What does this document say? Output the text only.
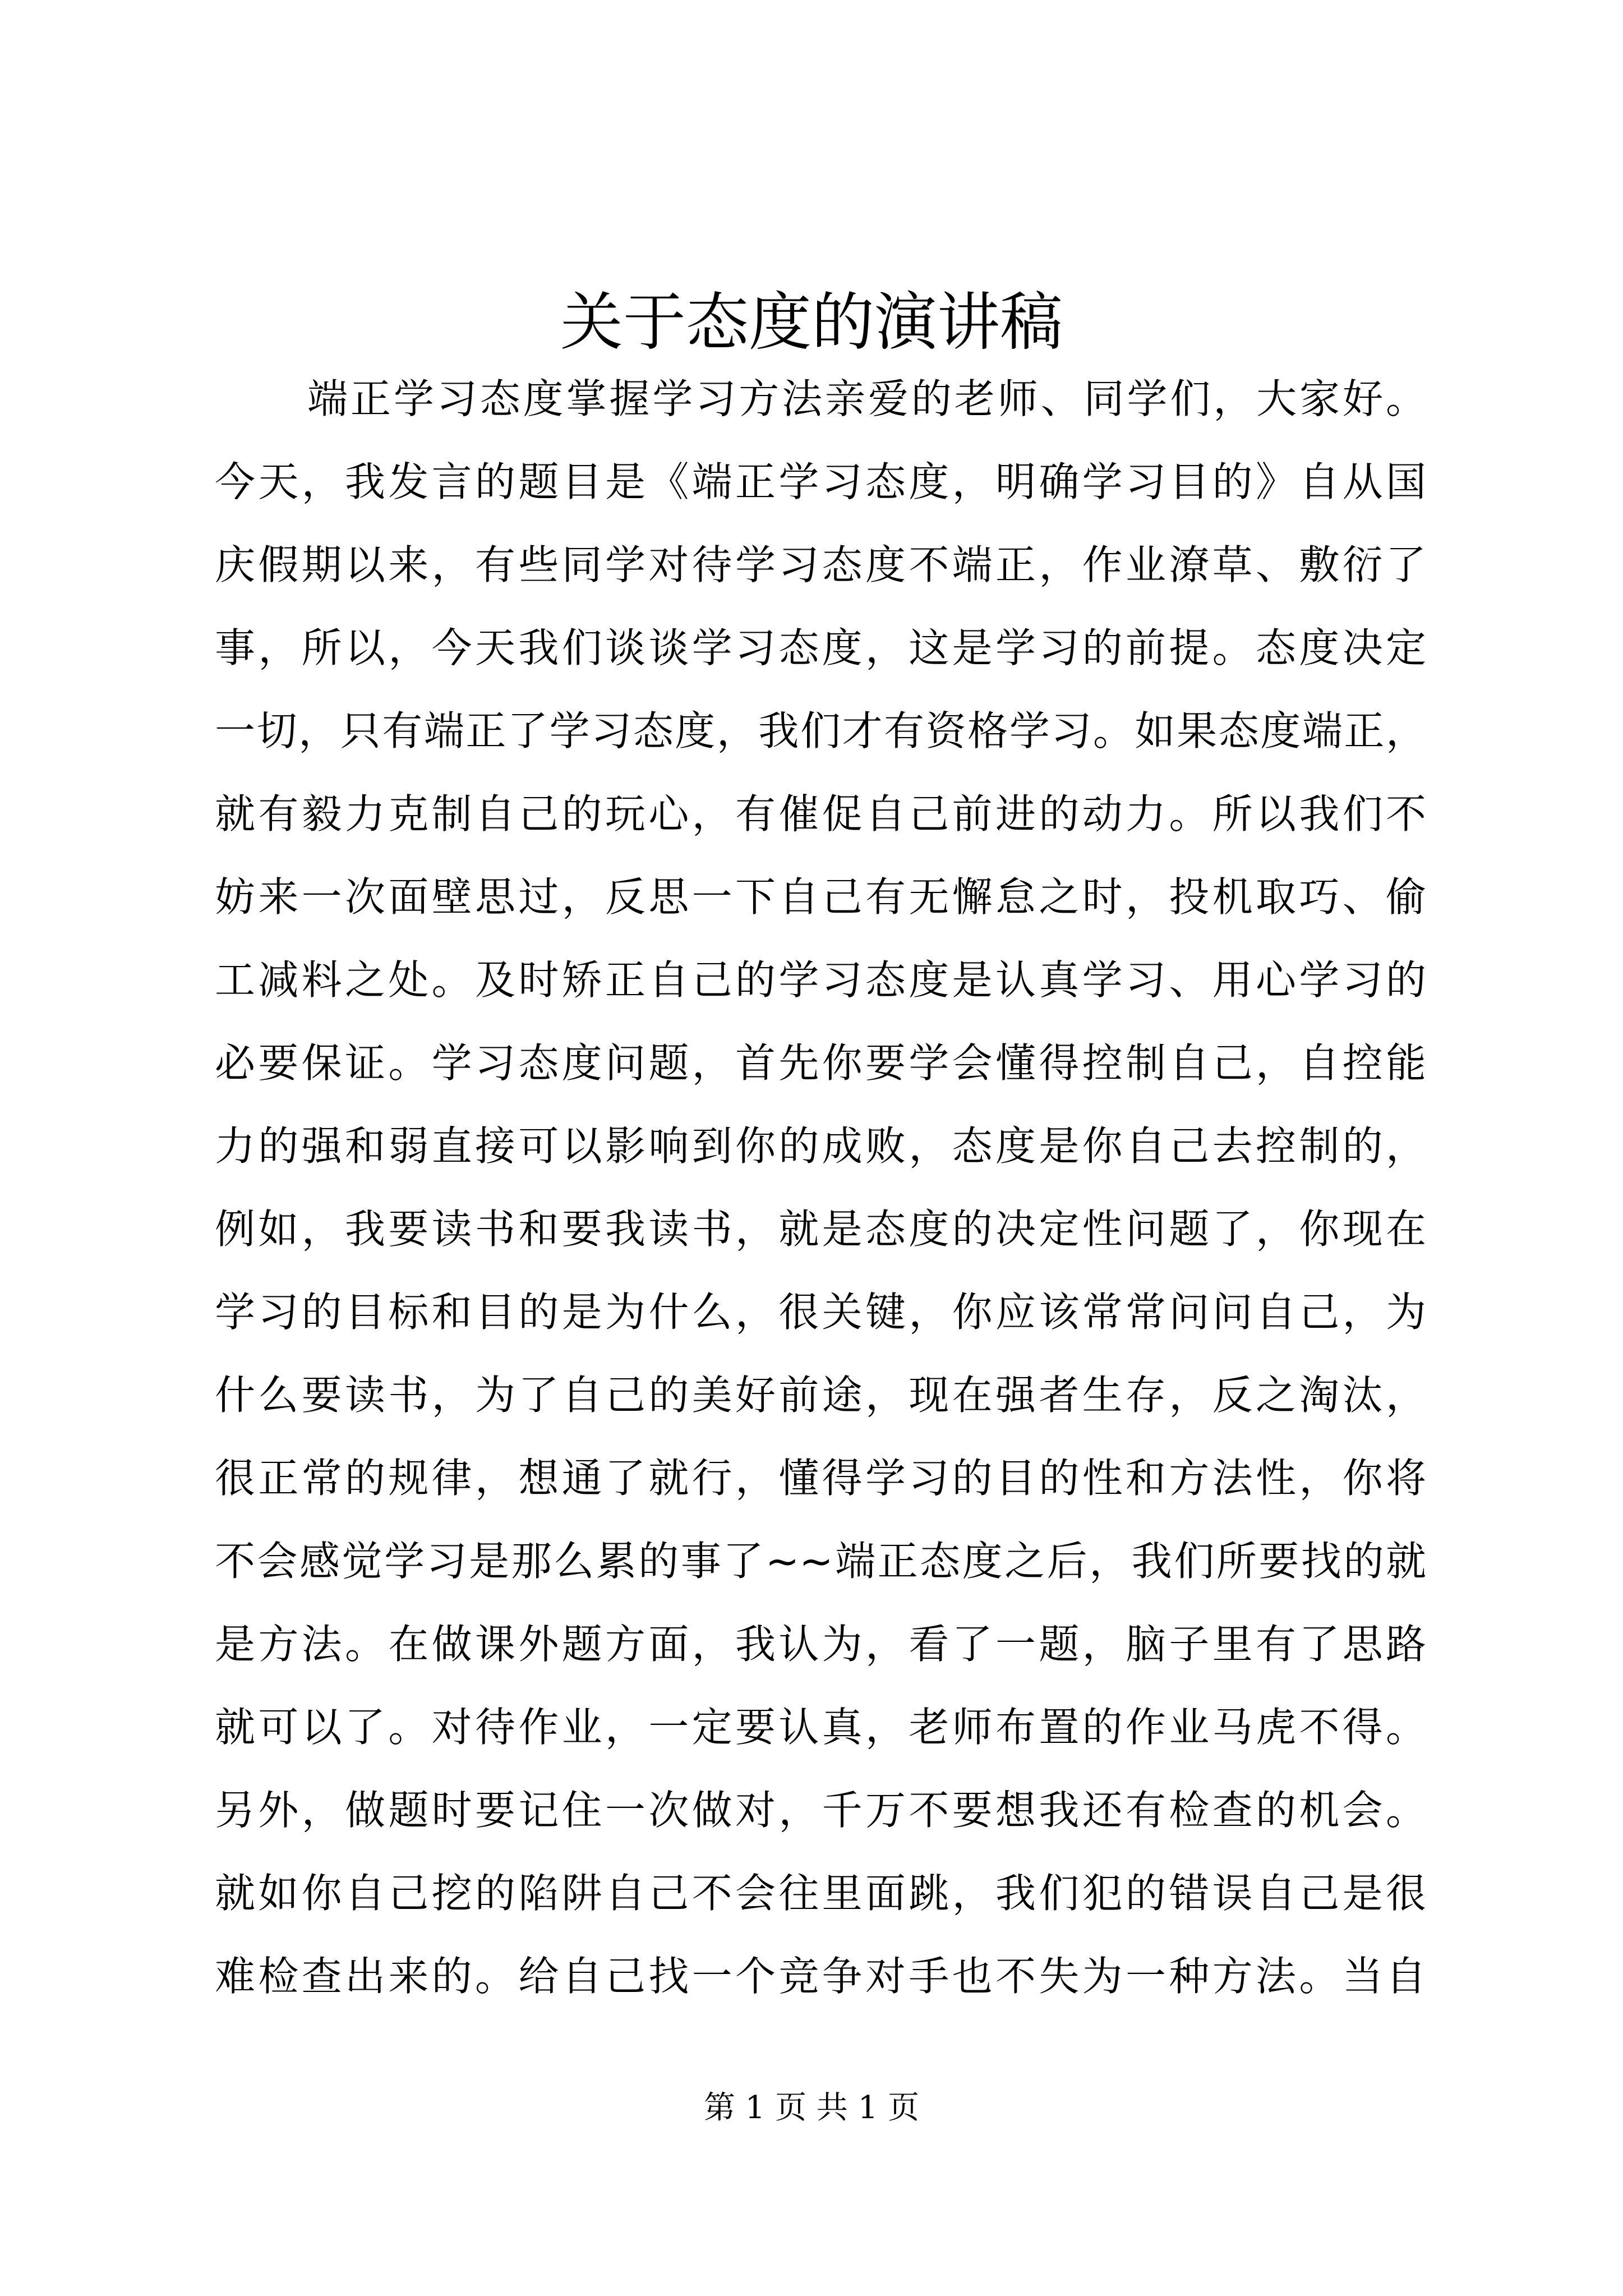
关于态度的演讲稿
端正学习态度掌握学习方法亲爱的老师、同学们，大家好。
今天，我发言的题目是《端正学习态度，明确学习目的》自从国
庆假期以来，有些同学对待学习态度不端正，作业潦草、敷衍了
事，所以，今天我们谈谈学习态度，这是学习的前提。态度决定
一切，只有端正了学习态度，我们才有资格学习。如果态度端正，
就有毅力克制自己的玩心，有催促自己前进的动力。所以我们不
妨来一次面壁思过，反思一下自己有无懈怠之时，投机取巧、偷
工减料之处。及时矫正自己的学习态度是认真学习、用心学习的
必要保证。学习态度问题，首先你要学会懂得控制自己，自控能
力的强和弱直接可以影响到你的成败，态度是你自己去控制的，
例如，我要读书和要我读书，就是态度的决定性问题了，你现在
学习的目标和目的是为什么，很关键，你应该常常问问自己，为
什么要读书，为了自己的美好前途，现在强者生存，反之淘汰，
很正常的规律，想通了就行，懂得学习的目的性和方法性，你将
不会感觉学习是那么累的事了~~端正态度之后，我们所要找的就
是方法。在做课外题方面，我认为，看了一题，脑子里有了思路
就可以了。对待作业，一定要认真，老师布置的作业马虎不得。
另外，做题时要记住一次做对，千万不要想我还有检查的机会。
就如你自己挖的陷阱自己不会往里面跳，我们犯的错误自己是很
难检查出来的。给自己找一个竞争对手也不失为一种方法。当自
第 1 页 共 1 页
